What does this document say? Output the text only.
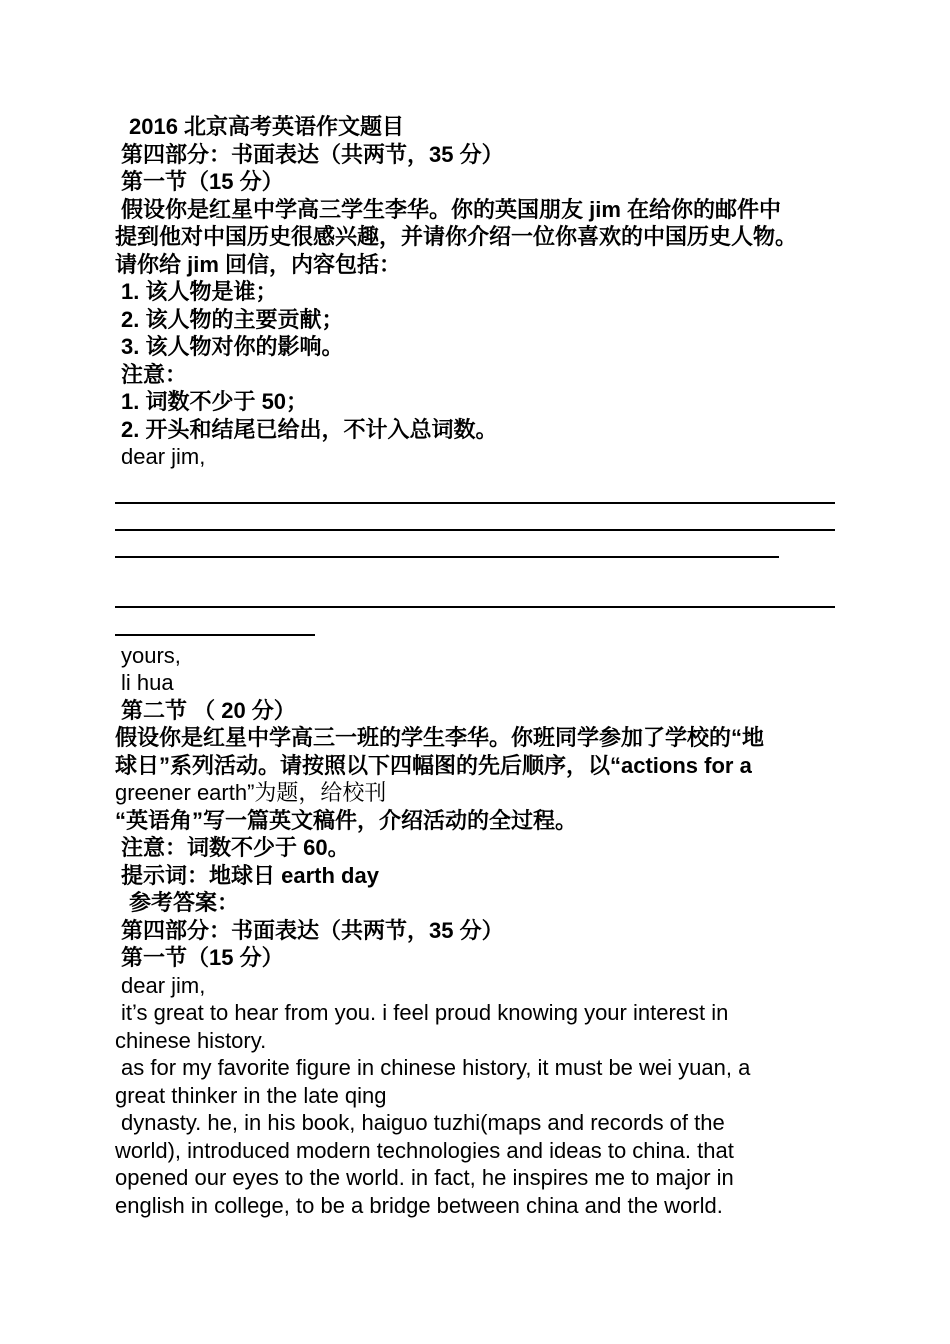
2016 北京高考英语作文题目

第四部分：书面表达（共两节，35 分）

第一节（15 分）

假设你是红星中学高三学生李华。你的英国朋友 jim 在给你的邮件中

提到他对中国历史很感兴趣，并请你介绍一位你喜欢的中国历史人物。

请你给 jim 回信，内容包括：

1. 该人物是谁；

2. 该人物的主要贡献；

3. 该人物对你的影响。

注意：

1. 词数不少于 50；

2. 开头和结尾已给出，不计入总词数。

dear jim,

yours,

li hua

第二节 （ 20 分）

假设你是红星中学高三一班的学生李华。你班同学参加了学校的“地

球日”系列活动。请按照以下四幅图的先后顺序，以“actions for a

greener earth”为题，给校刊

“英语角”写一篇英文稿件，介绍活动的全过程。

注意：词数不少于 60。

提示词：地球日 earth day

参考答案：

第四部分：书面表达（共两节，35 分）

第一节（15 分）

dear jim,

it’s great to hear from you. i feel proud knowing your interest in

chinese history.

as for my favorite figure in chinese history, it must be wei yuan, a

great thinker in the late qing

dynasty. he, in his book, haiguo tuzhi(maps and records of the

world), introduced modern technologies and ideas to china. that

opened our eyes to the world. in fact, he inspires me to major in

english in college, to be a bridge between china and the world.
